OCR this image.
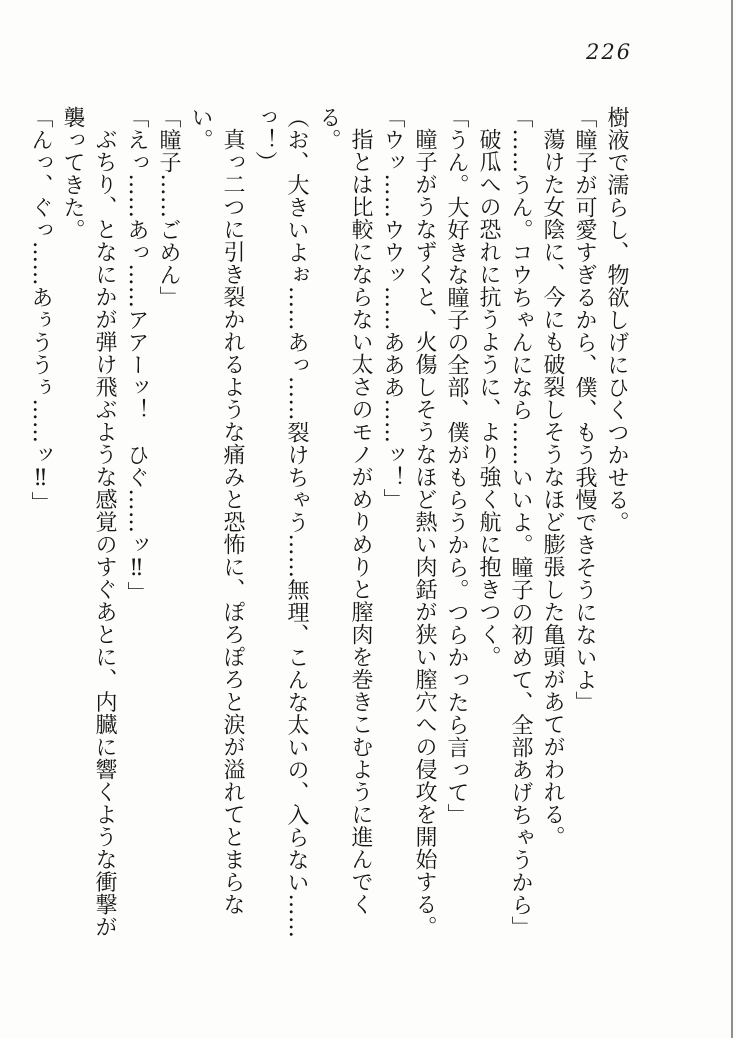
226

樹液で濡らし、物欲しげにひくつかせる。

「瞳子が可愛すぎるから、僕、もう我慢できそうにないよ」

蕩けた女陰に、今にも破裂しそうなほど膨張した亀頭があてがわれる。

「……うん。コウちゃんになら……いいよ。瞳子の初めて、全部あげちゃうから」

破瓜への恐れに抗うように、より強く航に抱きつく。

「うん。大好きな瞳子の全部、僕がもらうから。つらかったら言って」

瞳子がうなずくと、火傷しそうなほど熱い肉銛が狭い膣穴への侵攻を開始する。

「ウッ……ウウッ……あああ……ッ！」

指とは比較にならない太さのモノがめりめりと膣肉を巻きこむように進んでくる。

（お、大きいよぉ……あっ……裂けちゃう……無理、こんな太いの、入らない……っ！）

真っ二つに引き裂かれるような痛みと恐怖に、ぽろぽろと涙が溢れてとまらない。

「瞳子……ごめん」

「えっ……あっ……アアーッ！　ひぐ……ッ‼」

ぶちり、となにかが弾け飛ぶような感覚のすぐあとに、内臓に響くような衝撃が襲ってきた。

「んっ、ぐっ……あぅううぅ……ッ‼」
